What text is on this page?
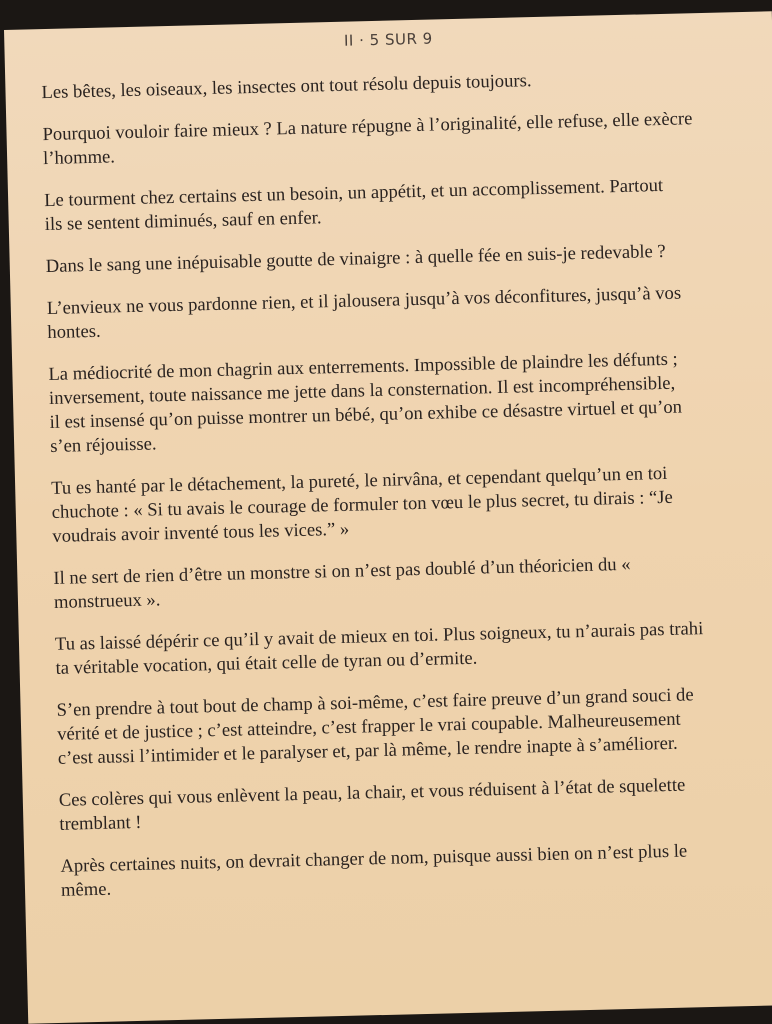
II · 5 SUR 9

Les bêtes, les oiseaux, les insectes ont tout résolu depuis toujours.

Pourquoi vouloir faire mieux ? La nature répugne à l’originalité, elle refuse, elle exècre
l’homme.

Le tourment chez certains est un besoin, un appétit, et un accomplissement. Partout
ils se sentent diminués, sauf en enfer.

Dans le sang une inépuisable goutte de vinaigre : à quelle fée en suis-je redevable ?

L’envieux ne vous pardonne rien, et il jalousera jusqu’à vos déconfitures, jusqu’à vos
hontes.

La médiocrité de mon chagrin aux enterrements. Impossible de plaindre les défunts ;
inversement, toute naissance me jette dans la consternation. Il est incompréhensible,
il est insensé qu’on puisse montrer un bébé, qu’on exhibe ce désastre virtuel et qu’on
s’en réjouisse.

Tu es hanté par le détachement, la pureté, le nirvâna, et cependant quelqu’un en toi
chuchote : « Si tu avais le courage de formuler ton vœu le plus secret, tu dirais : “Je
voudrais avoir inventé tous les vices.” »

Il ne sert de rien d’être un monstre si on n’est pas doublé d’un théoricien du «
monstrueux ».

Tu as laissé dépérir ce qu’il y avait de mieux en toi. Plus soigneux, tu n’aurais pas trahi
ta véritable vocation, qui était celle de tyran ou d’ermite.

S’en prendre à tout bout de champ à soi-même, c’est faire preuve d’un grand souci de
vérité et de justice ; c’est atteindre, c’est frapper le vrai coupable. Malheureusement
c’est aussi l’intimider et le paralyser et, par là même, le rendre inapte à s’améliorer.

Ces colères qui vous enlèvent la peau, la chair, et vous réduisent à l’état de squelette
tremblant !

Après certaines nuits, on devrait changer de nom, puisque aussi bien on n’est plus le
même.
